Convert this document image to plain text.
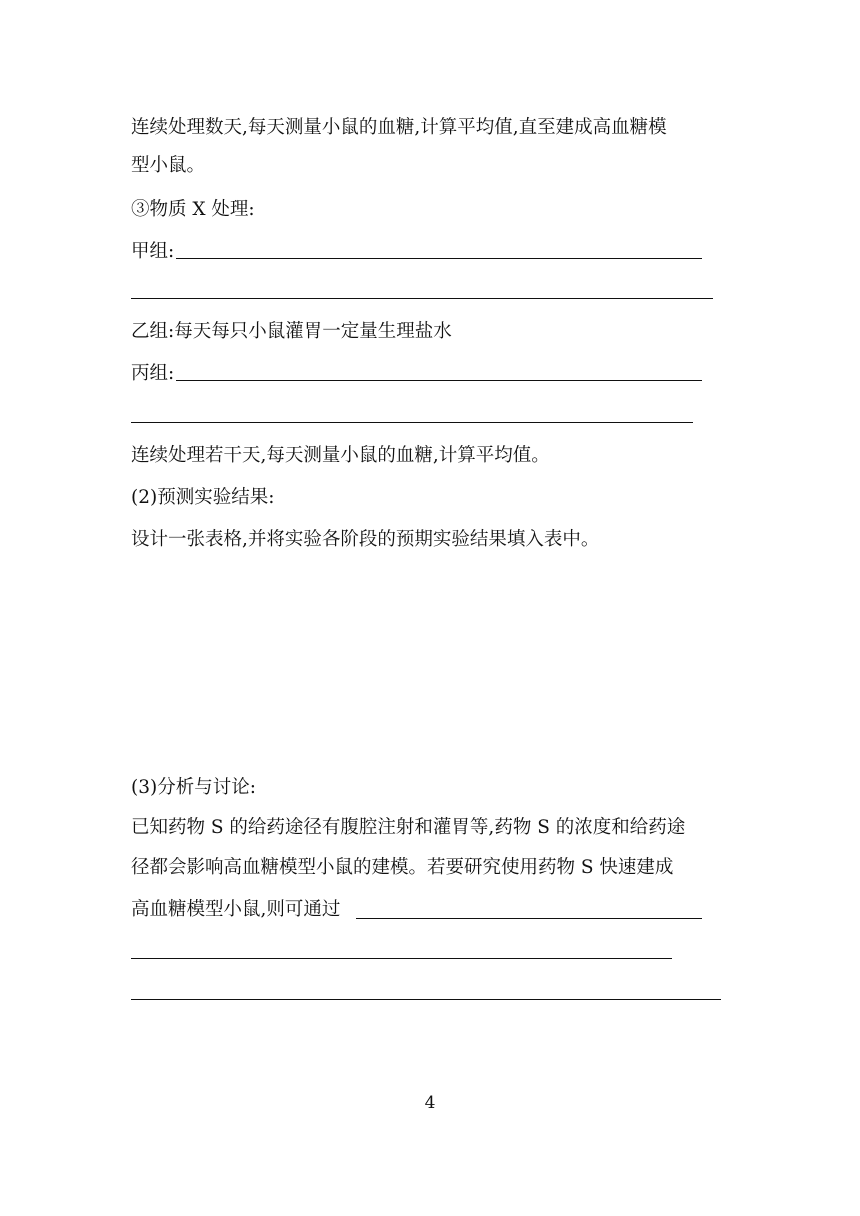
连续处理数天,每天测量小鼠的血糖,计算平均值,直至建成高血糖模
型小鼠。
③物质 X 处理:
甲组:
乙组:每天每只小鼠灌胃一定量生理盐水
丙组:
连续处理若干天,每天测量小鼠的血糖,计算平均值。
(2)预测实验结果:
设计一张表格,并将实验各阶段的预期实验结果填入表中。
(3)分析与讨论:
已知药物 S 的给药途径有腹腔注射和灌胃等,药物 S 的浓度和给药途
径都会影响高血糖模型小鼠的建模。若要研究使用药物 S 快速建成
高血糖模型小鼠,则可通过
4
